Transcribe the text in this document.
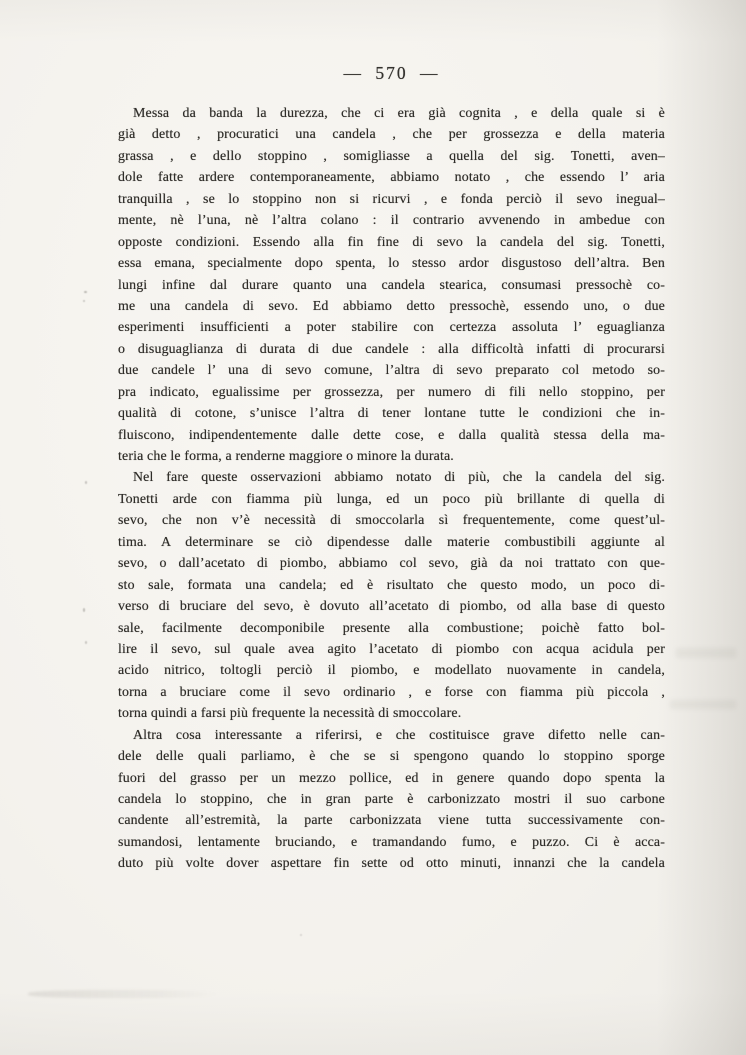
— 570 —
Messa da banda la durezza, che ci era già cognita , e della quale si è
già detto , procuratici una candela , che per grossezza e della materia
grassa , e dello stoppino , somigliasse a quella del sig. Tonetti, aven–
dole fatte ardere contemporaneamente, abbiamo notato , che essendo l’ aria
tranquilla , se lo stoppino non si ricurvi , e fonda perciò il sevo inegual–
mente, nè l’una, nè l’altra colano : il contrario avvenendo in ambedue con
opposte condizioni. Essendo alla fin fine di sevo la candela del sig. Tonetti,
essa emana, specialmente dopo spenta, lo stesso ardor disgustoso dell’altra. Ben
lungi infine dal durare quanto una candela stearica, consumasi pressochè co-
me una candela di sevo. Ed abbiamo detto pressochè, essendo uno, o due
esperimenti insufficienti a poter stabilire con certezza assoluta l’ eguaglianza
o disuguaglianza di durata di due candele : alla difficoltà infatti di procurarsi
due candele l’ una di sevo comune, l’altra di sevo preparato col metodo so-
pra indicato, egualissime per grossezza, per numero di fili nello stoppino, per
qualità di cotone, s’unisce l’altra di tener lontane tutte le condizioni che in-
fluiscono, indipendentemente dalle dette cose, e dalla qualità stessa della ma-
teria che le forma, a renderne maggiore o minore la durata.
Nel fare queste osservazioni abbiamo notato di più, che la candela del sig.
Tonetti arde con fiamma più lunga, ed un poco più brillante di quella di
sevo, che non v’è necessità di smoccolarla sì frequentemente, come quest’ul-
tima. A determinare se ciò dipendesse dalle materie combustibili aggiunte al
sevo, o dall’acetato di piombo, abbiamo col sevo, già da noi trattato con que-
sto sale, formata una candela; ed è risultato che questo modo, un poco di-
verso di bruciare del sevo, è dovuto all’acetato di piombo, od alla base di questo
sale, facilmente decomponibile presente alla combustione; poichè fatto bol-
lire il sevo, sul quale avea agito l’acetato di piombo con acqua acidula per
acido nitrico, toltogli perciò il piombo, e modellato nuovamente in candela,
torna a bruciare come il sevo ordinario , e forse con fiamma più piccola ,
torna quindi a farsi più frequente la necessità di smoccolare.
Altra cosa interessante a riferirsi, e che costituisce grave difetto nelle can-
dele delle quali parliamo, è che se si spengono quando lo stoppino sporge
fuori del grasso per un mezzo pollice, ed in genere quando dopo spenta la
candela lo stoppino, che in gran parte è carbonizzato mostri il suo carbone
candente all’estremità, la parte carbonizzata viene tutta successivamente con-
sumandosi, lentamente bruciando, e tramandando fumo, e puzzo. Ci è acca-
duto più volte dover aspettare fin sette od otto minuti, innanzi che la candela
